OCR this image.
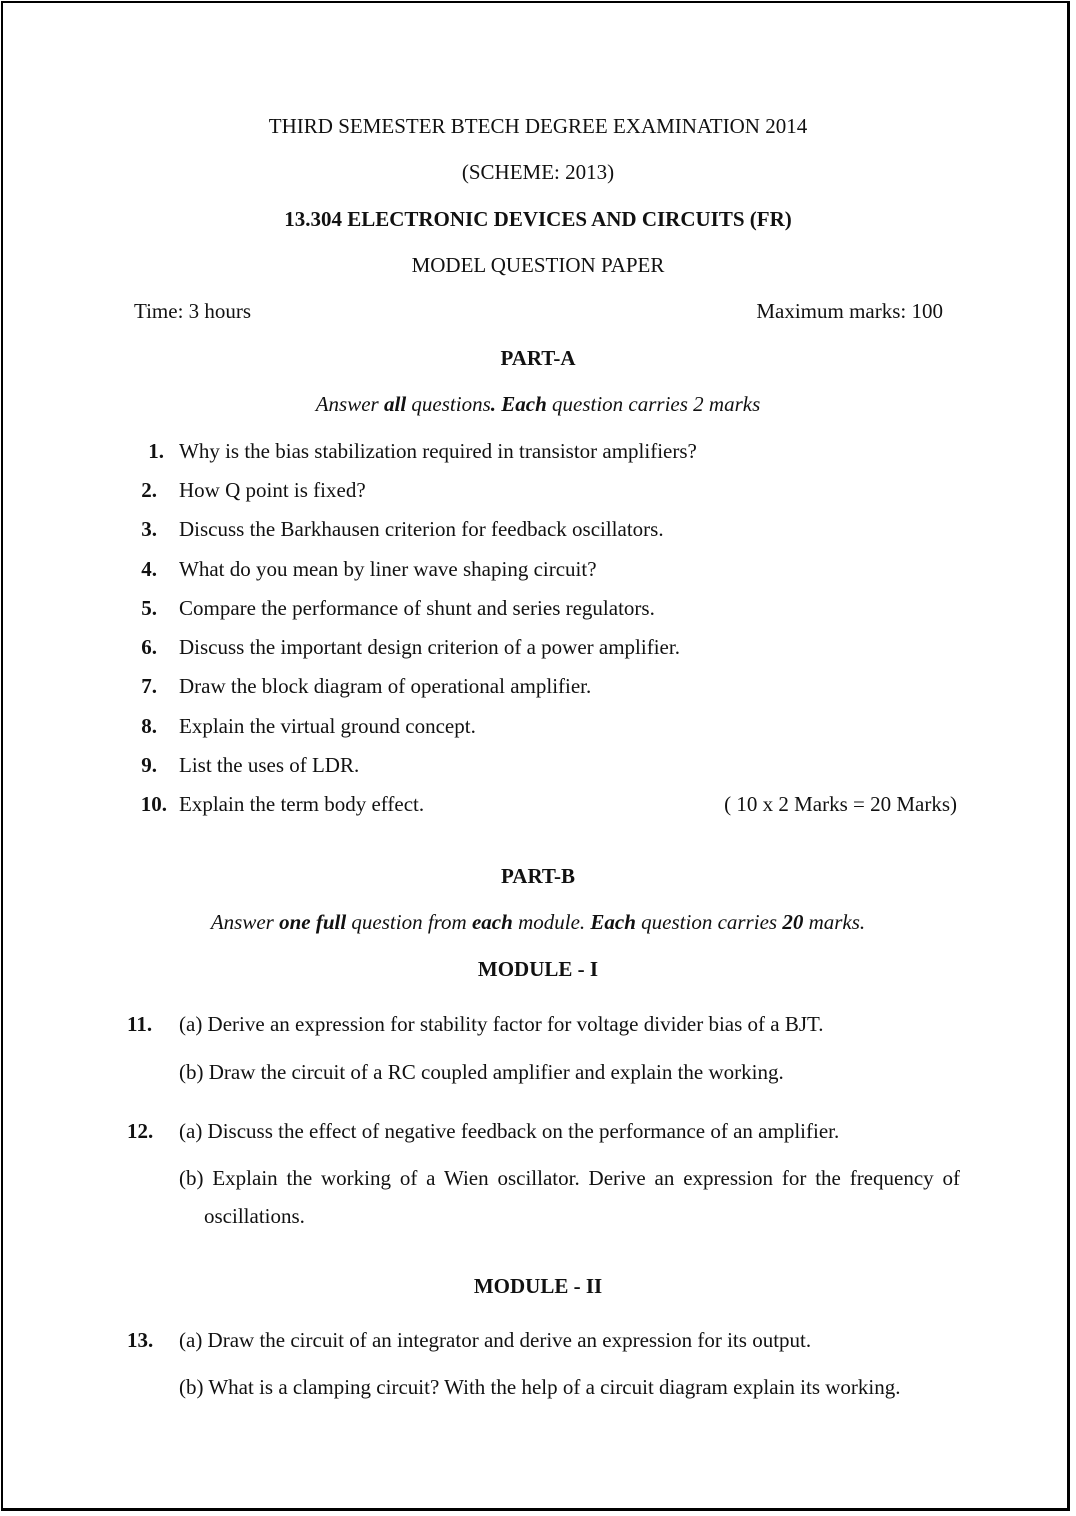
THIRD SEMESTER BTECH DEGREE EXAMINATION 2014
(SCHEME: 2013)
13.304 ELECTRONIC DEVICES AND CIRCUITS (FR)
MODEL QUESTION PAPER
Time: 3 hours	Maximum marks: 100
PART-A
Answer all questions. Each question carries 2 marks
1. Why is the bias stabilization required in transistor amplifiers?
2. How Q point is fixed?
3. Discuss the Barkhausen criterion for feedback oscillators.
4. What do you mean by liner wave shaping circuit?
5. Compare the performance of shunt and series regulators.
6. Discuss the important design criterion of a power amplifier.
7. Draw the block diagram of operational amplifier.
8. Explain the virtual ground concept.
9. List the uses of LDR.
10. Explain the term body effect.	( 10 x 2 Marks = 20 Marks)
PART-B
Answer one full question from each module. Each question carries 20 marks.
MODULE - I
11.	(a) Derive an expression for stability factor for voltage divider bias of a BJT.
(b) Draw the circuit of a RC coupled amplifier and explain the working.
12.	(a) Discuss the effect of negative feedback on the performance of an amplifier.
(b) Explain the working of a Wien oscillator. Derive an expression for the frequency of
oscillations.
MODULE - II
13.	(a) Draw the circuit of an integrator and derive an expression for its output.
(b) What is a clamping circuit? With the help of a circuit diagram explain its working.
